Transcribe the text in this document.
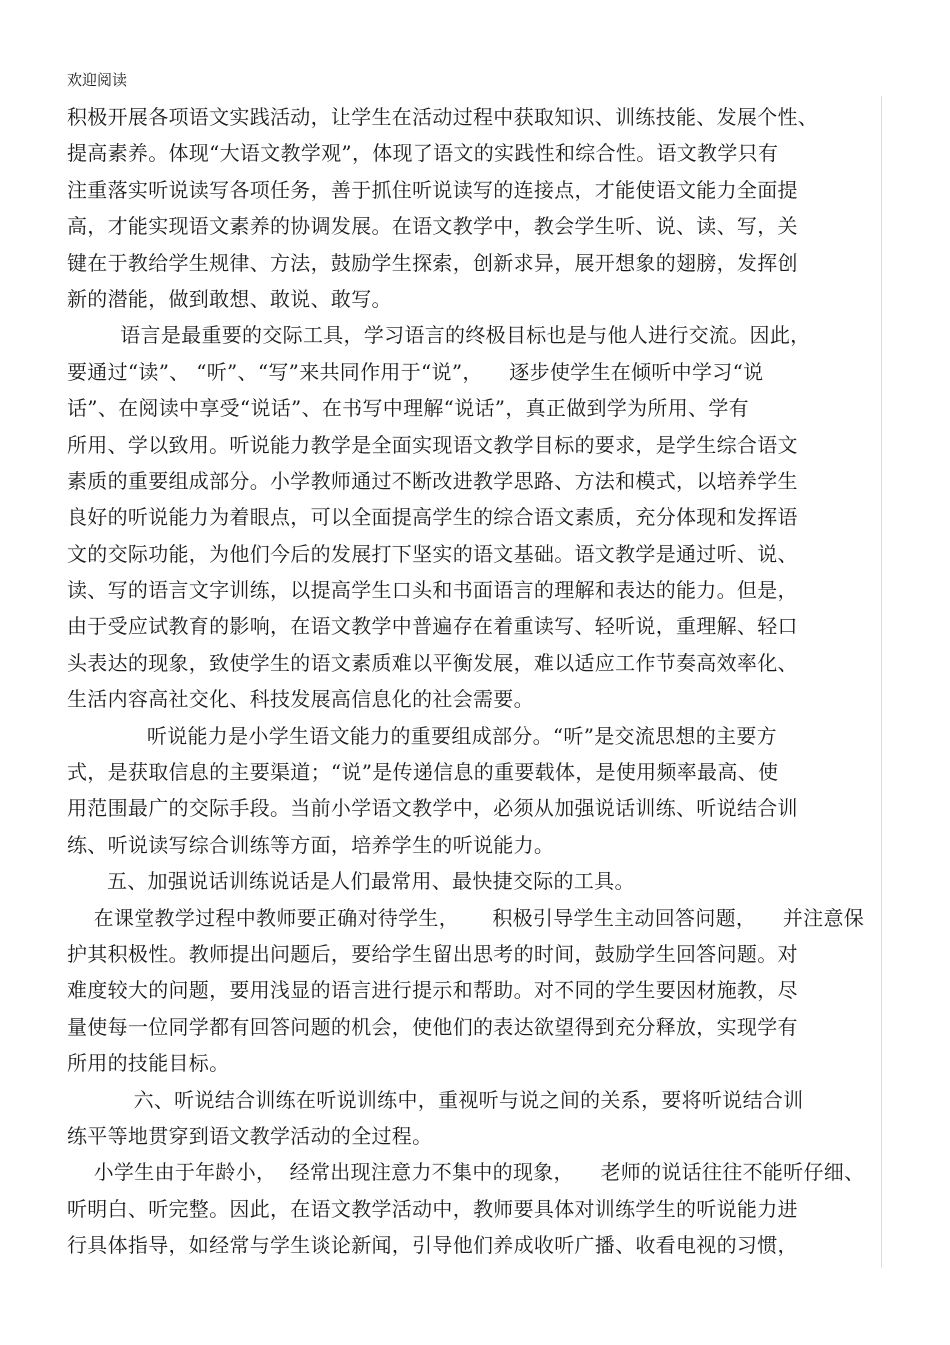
欢迎阅读
积极开展各项语文实践活动，让学生在活动过程中获取知识、训练技能、发展个性、
提高素养。体现“大语文教学观”，体现了语文的实践性和综合性。语文教学只有
注重落实听说读写各项任务，善于抓住听说读写的连接点，才能使语文能力全面提
高，才能实现语文素养的协调发展。在语文教学中，教会学生听、说、读、写，关
键在于教给学生规律、方法，鼓励学生探索，创新求异，展开想象的翅膀，发挥创
新的潜能，做到敢想、敢说、敢写。
语言是最重要的交际工具，学习语言的终极目标也是与他人进行交流。因此，
要通过“读”、 “听”、“写”来共同作用于“说”，    逐步使学生在倾听中学习“说
话”、在阅读中享受“说话”、在书写中理解“说话”，真正做到学为所用、学有
所用、学以致用。听说能力教学是全面实现语文教学目标的要求，是学生综合语文
素质的重要组成部分。小学教师通过不断改进教学思路、方法和模式，以培养学生
良好的听说能力为着眼点，可以全面提高学生的综合语文素质，充分体现和发挥语
文的交际功能，为他们今后的发展打下坚实的语文基础。语文教学是通过听、说、
读、写的语言文字训练，以提高学生口头和书面语言的理解和表达的能力。但是，
由于受应试教育的影响，在语文教学中普遍存在着重读写、轻听说，重理解、轻口
头表达的现象，致使学生的语文素质难以平衡发展，难以适应工作节奏高效率化、
生活内容高社交化、科技发展高信息化的社会需要。
听说能力是小学生语文能力的重要组成部分。“听”是交流思想的主要方
式，是获取信息的主要渠道；“说”是传递信息的重要载体，是使用频率最高、使
用范围最广的交际手段。当前小学语文教学中，必须从加强说话训练、听说结合训
练、听说读写综合训练等方面，培养学生的听说能力。
五、加强说话训练说话是人们最常用、最快捷交际的工具。
在课堂教学过程中教师要正确对待学生，     积极引导学生主动回答问题，    并注意保
护其积极性。教师提出问题后，要给学生留出思考的时间，鼓励学生回答问题。对
难度较大的问题，要用浅显的语言进行提示和帮助。对不同的学生要因材施教，尽
量使每一位同学都有回答问题的机会，使他们的表达欲望得到充分释放，实现学有
所用的技能目标。
六、听说结合训练在听说训练中，重视听与说之间的关系，要将听说结合训
练平等地贯穿到语文教学活动的全过程。
小学生由于年龄小，  经常出现注意力不集中的现象，    老师的说话往往不能听仔细、
听明白、听完整。因此，在语文教学活动中，教师要具体对训练学生的听说能力进
行具体指导，如经常与学生谈论新闻，引导他们养成收听广播、收看电视的习惯，
